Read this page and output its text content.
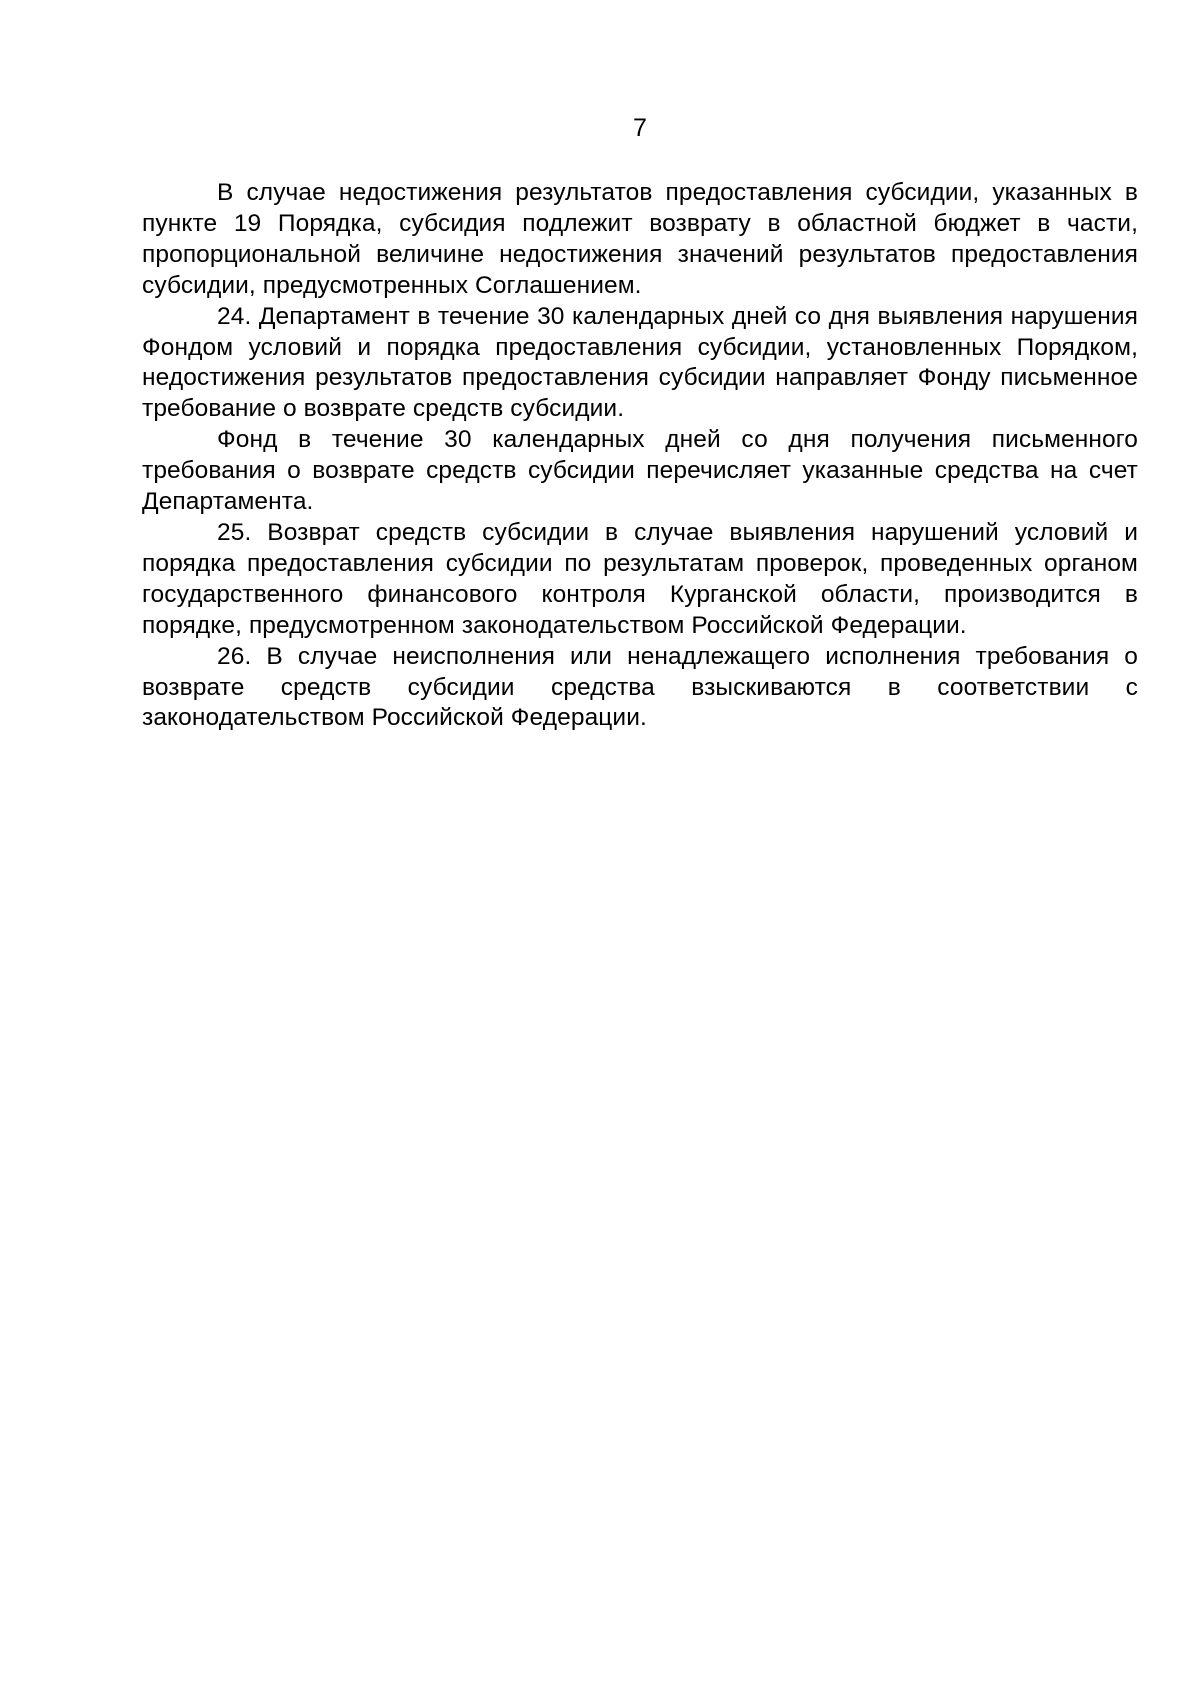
7

В случае недостижения результатов предоставления субсидии, указанных в пункте 19 Порядка, субсидия подлежит возврату в областной бюджет в части, пропорциональной величине недостижения значений результатов предоставления субсидии, предусмотренных Соглашением.

24. Департамент в течение 30 календарных дней со дня выявления нарушения Фондом условий и порядка предоставления субсидии, установленных Порядком, недостижения результатов предоставления субсидии направляет Фонду письменное требование о возврате средств субсидии.

Фонд в течение 30 календарных дней со дня получения письменного требования о возврате средств субсидии перечисляет указанные средства на счет Департамента.

25. Возврат средств субсидии в случае выявления нарушений условий и порядка предоставления субсидии по результатам проверок, проведенных органом государственного финансового контроля Курганской области, производится в порядке, предусмотренном законодательством Российской Федерации.

26. В случае неисполнения или ненадлежащего исполнения требования о возврате средств субсидии средства взыскиваются в соответствии с законодательством Российской Федерации.
